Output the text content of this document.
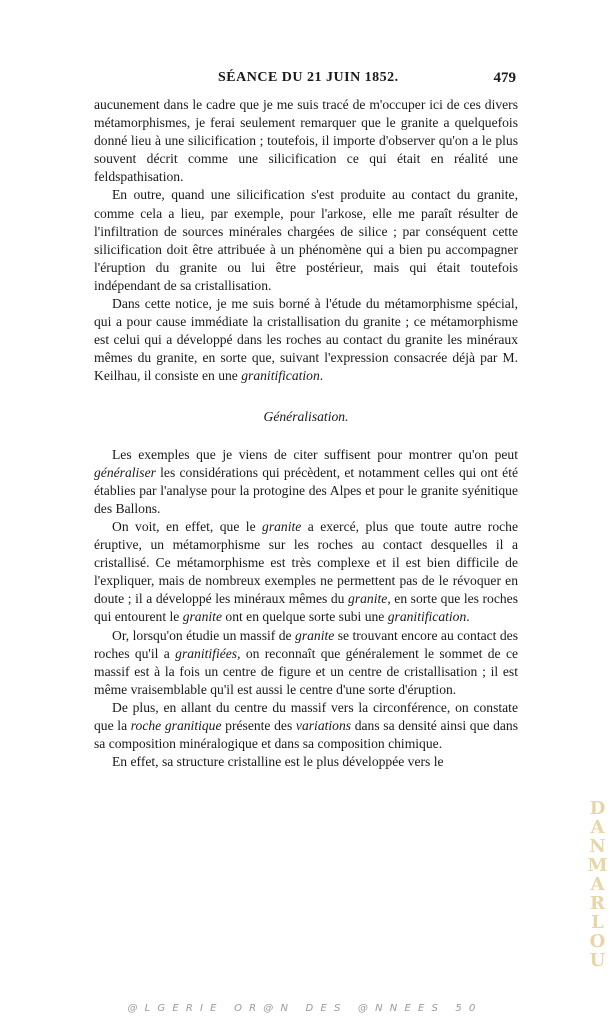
SÉANCE DU 21 JUIN 1852.	479

aucunement dans le cadre que je me suis tracé de m'occuper ici de ces divers métamorphismes, je ferai seulement remarquer que le granite a quelquefois donné lieu à une silicification ; toutefois, il importe d'observer qu'on a le plus souvent décrit comme une silicification ce qui était en réalité une feldspathisation.

En outre, quand une silicification s'est produite au contact du granite, comme cela a lieu, par exemple, pour l'arkose, elle me paraît résulter de l'infiltration de sources minérales chargées de silice ; par conséquent cette silicification doit être attribuée à un phénomène qui a bien pu accompagner l'éruption du granite ou lui être postérieur, mais qui était toutefois indépendant de sa cristallisation.

Dans cette notice, je me suis borné à l'étude du métamorphisme spécial, qui a pour cause immédiate la cristallisation du granite ; ce métamorphisme est celui qui a développé dans les roches au contact du granite les minéraux mêmes du granite, en sorte que, suivant l'expression consacrée déjà par M. Keilhau, il consiste en une granitification.

Généralisation.

Les exemples que je viens de citer suffisent pour montrer qu'on peut généraliser les considérations qui précèdent, et notamment celles qui ont été établies par l'analyse pour la protogine des Alpes et pour le granite syénitique des Ballons.

On voit, en effet, que le granite a exercé, plus que toute autre roche éruptive, un métamorphisme sur les roches au contact desquelles il a cristallisé. Ce métamorphisme est très complexe et il est bien difficile de l'expliquer, mais de nombreux exemples ne permettent pas de le révoquer en doute ; il a développé les minéraux mêmes du granite, en sorte que les roches qui entourent le granite ont en quelque sorte subi une granitification.

Or, lorsqu'on étudie un massif de granite se trouvant encore au contact des roches qu'il a granitifiées, on reconnaît que généralement le sommet de ce massif est à la fois un centre de figure et un centre de cristallisation ; il est même vraisemblable qu'il est aussi le centre d'une sorte d'éruption.

De plus, en allant du centre du massif vers la circonférence, on constate que la roche granitique présente des variations dans sa densité ainsi que dans sa composition minéralogique et dans sa composition chimique.

En effet, sa structure cristalline est le plus développée vers le

DANMARLOU
@LGERIE OR@N DES @NNEES 50
